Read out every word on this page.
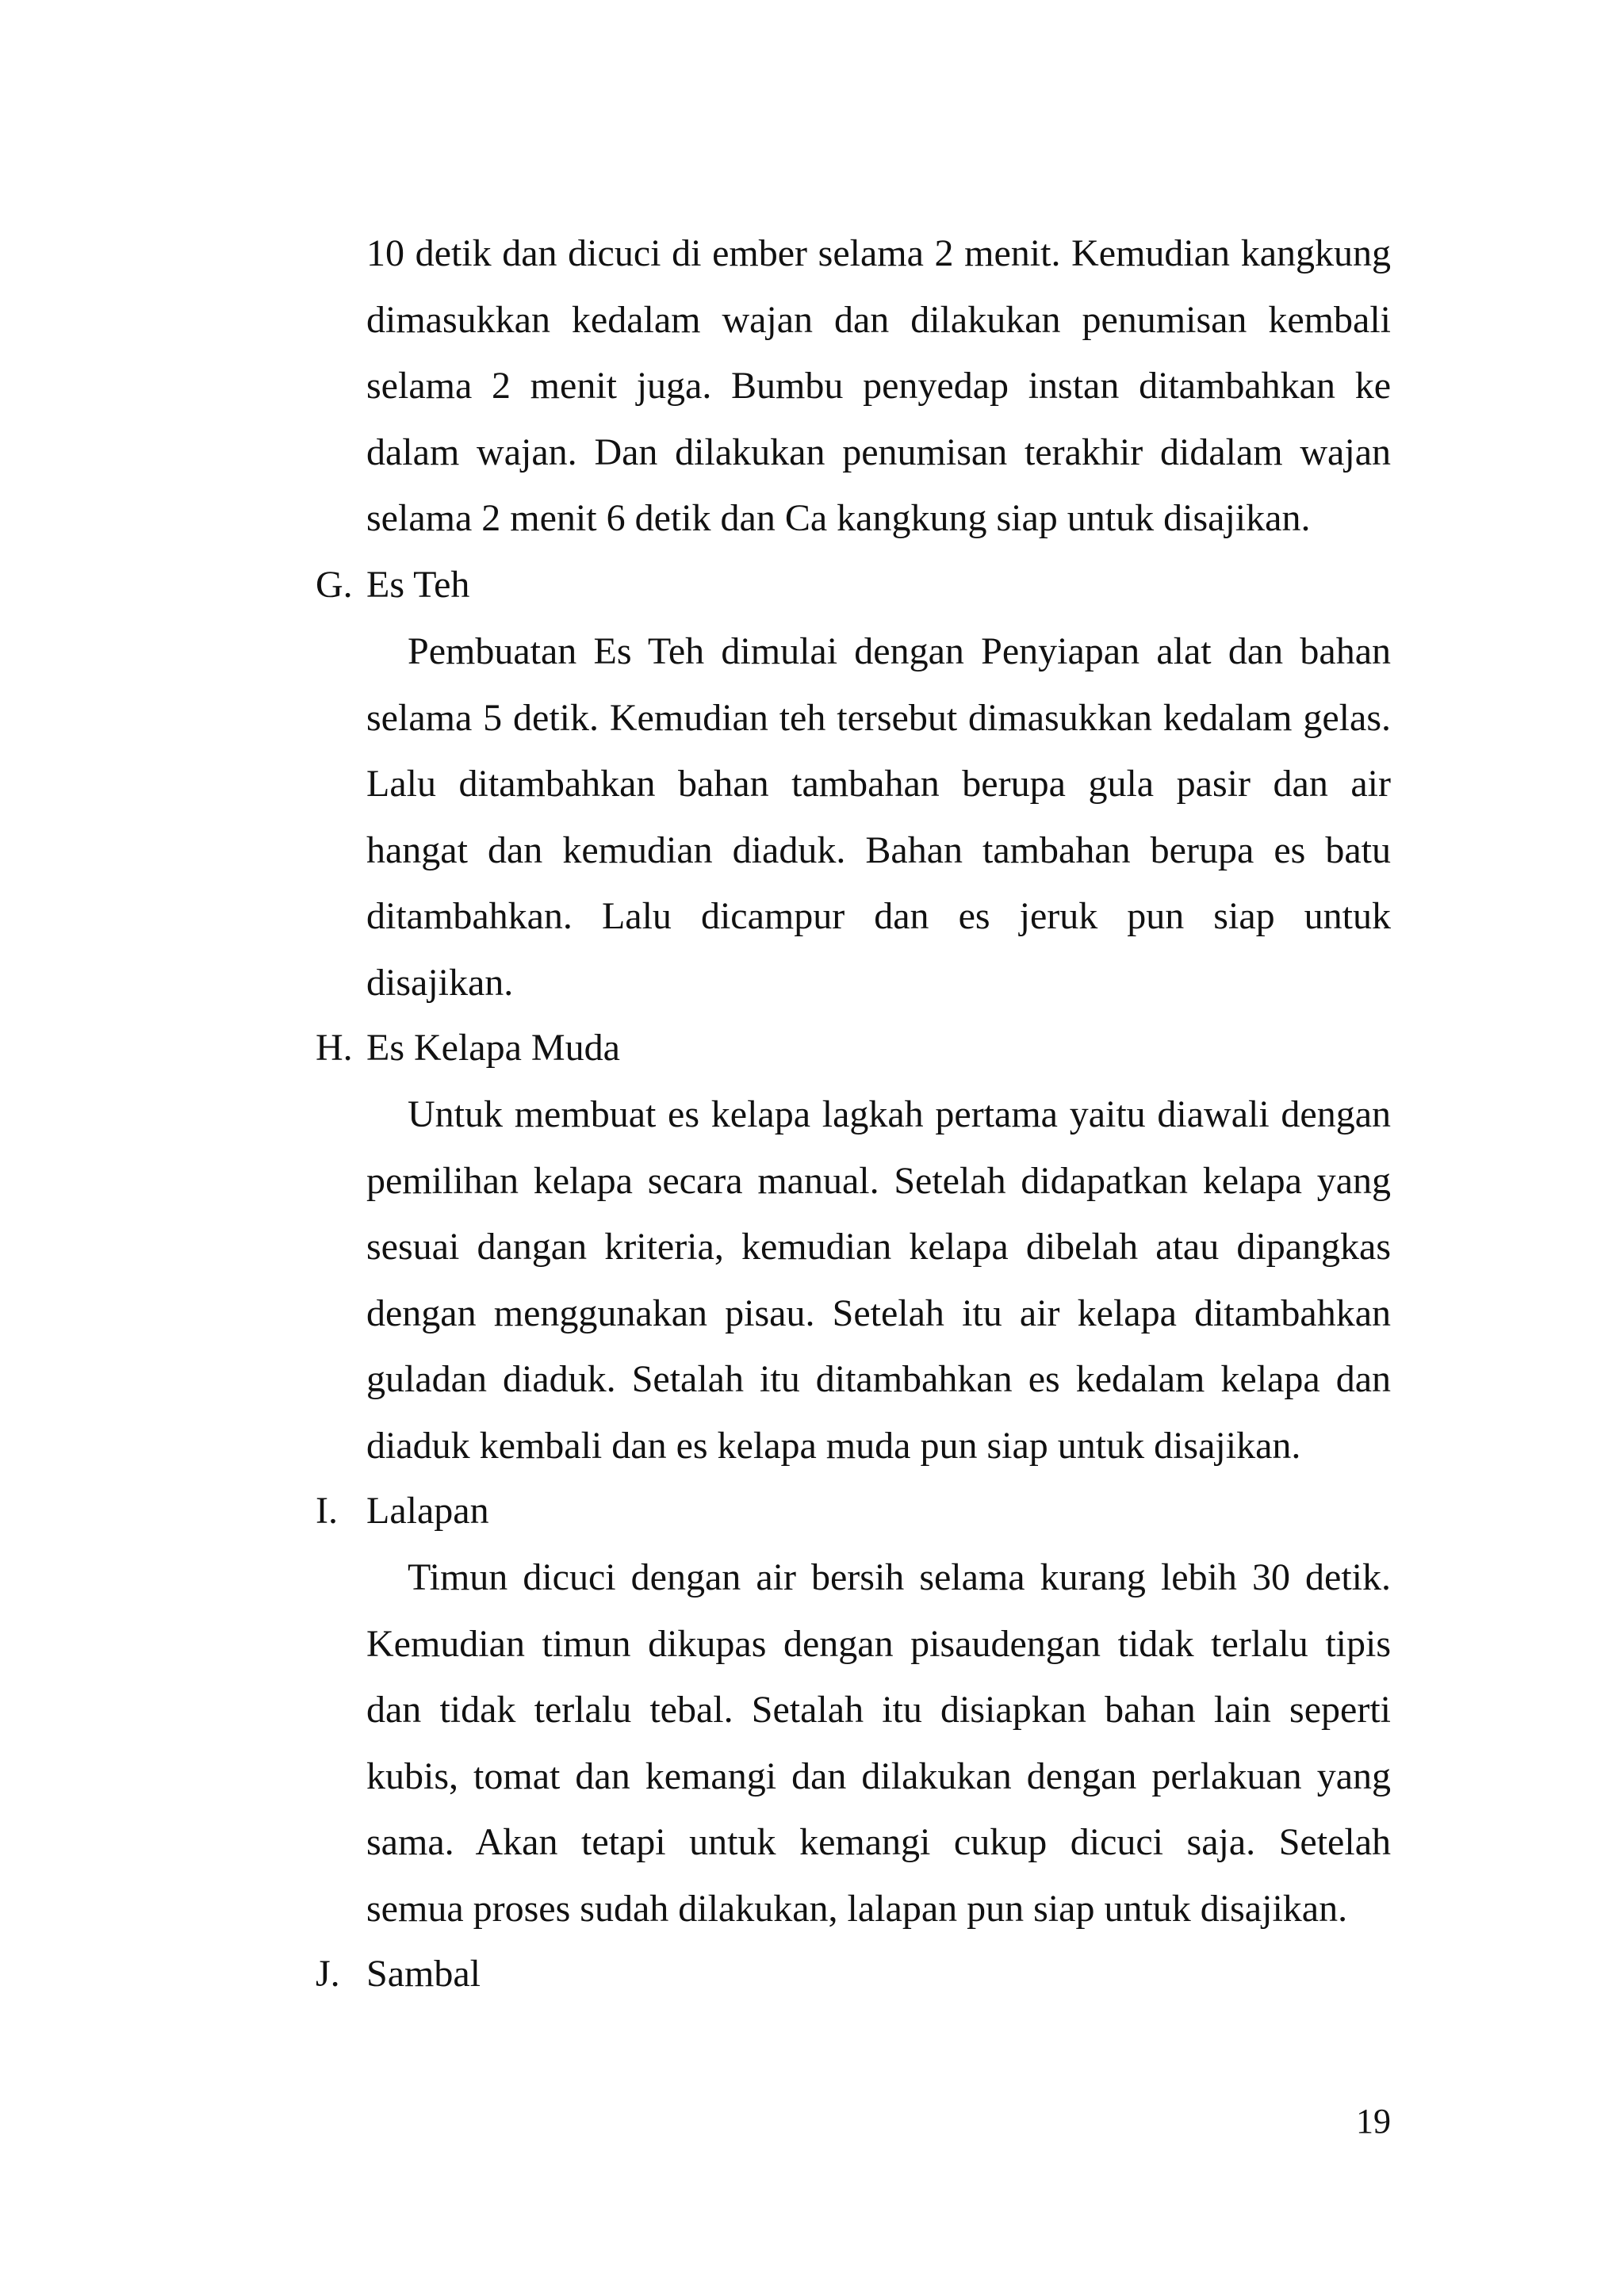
10 detik dan dicuci di ember selama 2 menit. Kemudian kangkung
dimasukkan kedalam wajan dan dilakukan penumisan kembali
selama 2 menit juga. Bumbu penyedap instan ditambahkan ke
dalam wajan. Dan dilakukan penumisan terakhir didalam wajan
selama 2 menit 6 detik dan Ca kangkung siap untuk disajikan.
G. Es Teh
Pembuatan Es Teh dimulai dengan Penyiapan alat dan bahan
selama 5 detik. Kemudian teh tersebut dimasukkan kedalam gelas.
Lalu ditambahkan bahan tambahan berupa gula pasir dan air
hangat dan kemudian diaduk. Bahan tambahan berupa es batu
ditambahkan. Lalu dicampur dan es jeruk pun siap untuk
disajikan.
H. Es Kelapa Muda
Untuk membuat es kelapa lagkah pertama yaitu diawali dengan
pemilihan kelapa secara manual. Setelah didapatkan kelapa yang
sesuai dangan kriteria, kemudian kelapa dibelah atau dipangkas
dengan menggunakan pisau. Setelah itu air kelapa ditambahkan
guladan diaduk. Setalah itu ditambahkan es kedalam kelapa dan
diaduk kembali dan es kelapa muda pun siap untuk disajikan.
I. Lalapan
Timun dicuci dengan air bersih selama kurang lebih 30 detik.
Kemudian timun dikupas dengan pisaudengan tidak terlalu tipis
dan tidak terlalu tebal. Setalah itu disiapkan bahan lain seperti
kubis, tomat dan kemangi dan dilakukan dengan perlakuan yang
sama. Akan tetapi untuk kemangi cukup dicuci saja. Setelah
semua proses sudah dilakukan, lalapan pun siap untuk disajikan.
J. Sambal
19
